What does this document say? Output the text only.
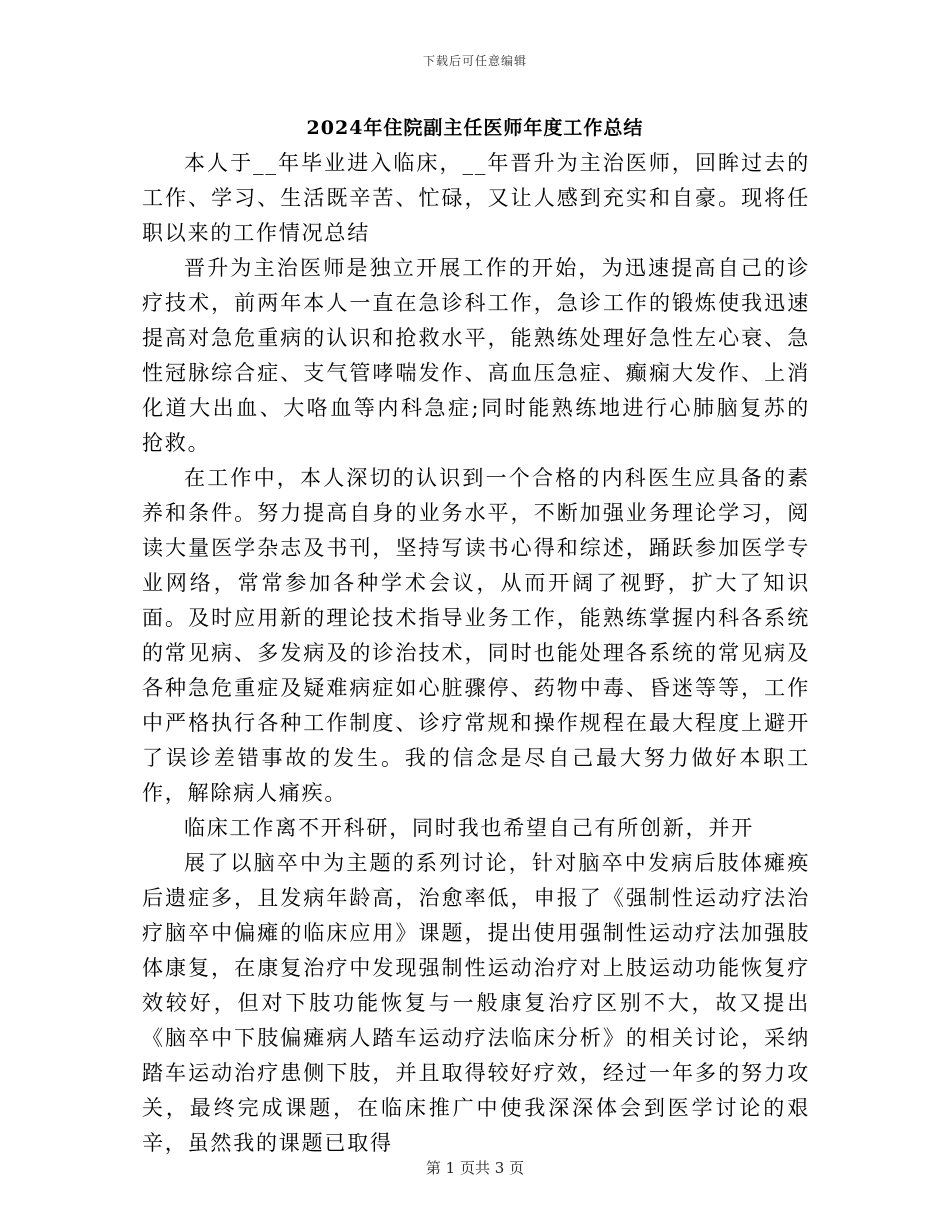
下载后可任意编辑
2024年住院副主任医师年度工作总结

本人于__年毕业进入临床，__年晋升为主治医师，回眸过去的工作、学习、生活既辛苦、忙碌，又让人感到充实和自豪。现将任职以来的工作情况总结

晋升为主治医师是独立开展工作的开始，为迅速提高自己的诊疗技术，前两年本人一直在急诊科工作，急诊工作的锻炼使我迅速提高对急危重病的认识和抢救水平，能熟练处理好急性左心衰、急性冠脉综合症、支气管哮喘发作、高血压急症、癫痫大发作、上消化道大出血、大咯血等内科急症;同时能熟练地进行心肺脑复苏的抢救。

在工作中，本人深切的认识到一个合格的内科医生应具备的素养和条件。努力提高自身的业务水平，不断加强业务理论学习，阅读大量医学杂志及书刊，坚持写读书心得和综述，踊跃参加医学专业网络，常常参加各种学术会议，从而开阔了视野，扩大了知识面。及时应用新的理论技术指导业务工作，能熟练掌握内科各系统的常见病、多发病及的诊治技术，同时也能处理各系统的常见病及各种急危重症及疑难病症如心脏骤停、药物中毒、昏迷等等，工作中严格执行各种工作制度、诊疗常规和操作规程在最大程度上避开了误诊差错事故的发生。我的信念是尽自己最大努力做好本职工作，解除病人痛疾。

临床工作离不开科研，同时我也希望自己有所创新，并开

展了以脑卒中为主题的系列讨论，针对脑卒中发病后肢体瘫痪后遗症多，且发病年龄高，治愈率低，申报了《强制性运动疗法治疗脑卒中偏瘫的临床应用》课题，提出使用强制性运动疗法加强肢体康复，在康复治疗中发现强制性运动治疗对上肢运动功能恢复疗效较好，但对下肢功能恢复与一般康复治疗区别不大，故又提出《脑卒中下肢偏瘫病人踏车运动疗法临床分析》的相关讨论，采纳踏车运动治疗患侧下肢，并且取得较好疗效，经过一年多的努力攻关，最终完成课题，在临床推广中使我深深体会到医学讨论的艰辛，虽然我的课题已取得

第 1 页共 3 页
